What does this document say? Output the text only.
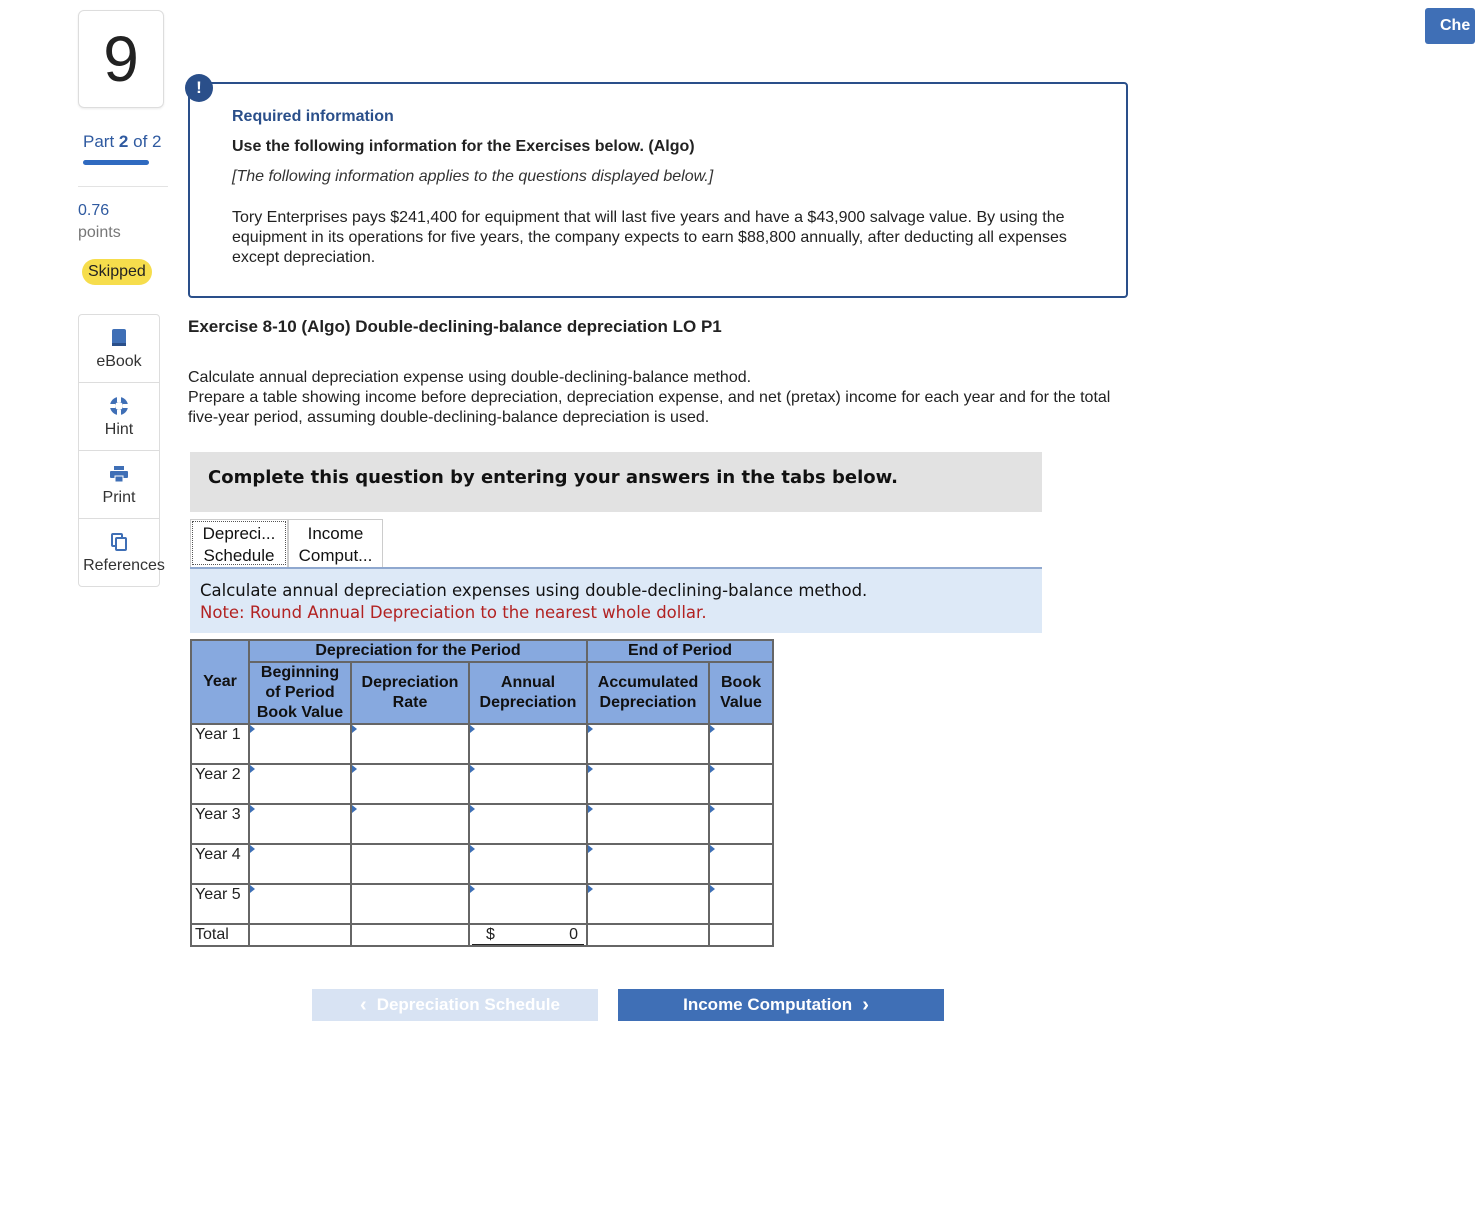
Che
9
Part 2 of 2
0.76
points
Skipped
eBook
Hint
Print
References
!
Required information
Use the following information for the Exercises below. (Algo)
[The following information applies to the questions displayed below.]
Tory Enterprises pays $241,400 for equipment that will last five years and have a $43,900 salvage value. By using the equipment in its operations for five years, the company expects to earn $88,800 annually, after deducting all expenses except depreciation.
Exercise 8-10 (Algo) Double-declining-balance depreciation LO P1
Calculate annual depreciation expense using double-declining-balance method.
Prepare a table showing income before depreciation, depreciation expense, and net (pretax) income for each year and for the total five-year period, assuming double-declining-balance depreciation is used.
Complete this question by entering your answers in the tabs below.
Depreci...
Schedule
Income
Comput...
Calculate annual depreciation expenses using double-declining-balance method.
Note: Round Annual Depreciation to the nearest whole dollar.
Year	Depreciation for the Period			End of Period	
	Beginning of Period Book Value	Depreciation Rate	Annual Depreciation	Accumulated Depreciation	Book Value
Year 1					
Year 2					
Year 3					
Year 4					
Year 5					
Total			$ 0		

‹ Depreciation Schedule	Income Computation ›
